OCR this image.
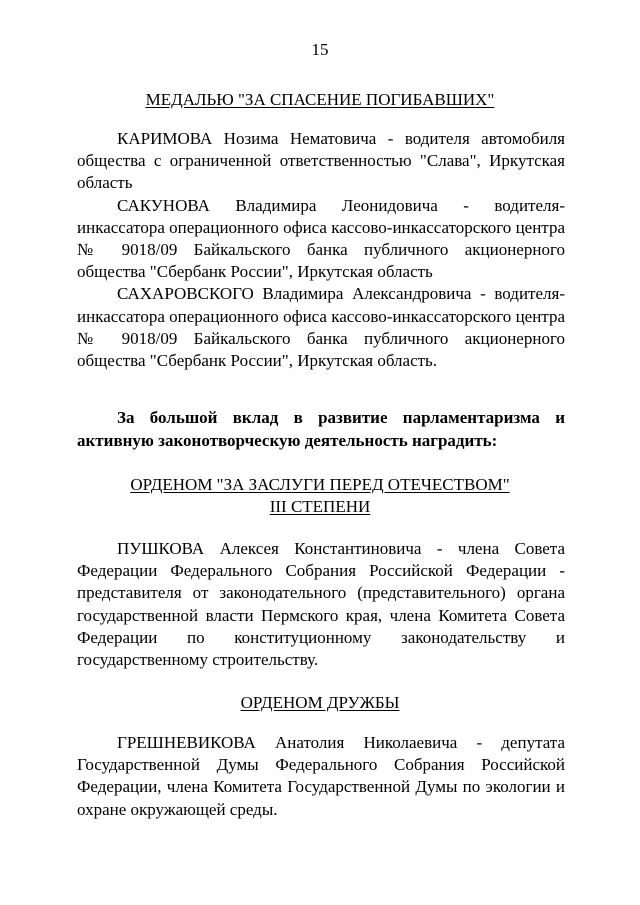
15
МЕДАЛЬЮ "ЗА СПАСЕНИЕ ПОГИБАВШИХ"

КАРИМОВА Нозима Нематовича - водителя автомобиля общества с ограниченной ответственностью "Слава", Иркутская область

САКУНОВА Владимира Леонидовича - водителя-инкассатора операционного офиса кассово-инкассаторского центра № 9018/09 Байкальского банка публичного акционерного общества "Сбербанк России", Иркутская область

САХАРОВСКОГО Владимира Александровича - водителя-инкассатора операционного офиса кассово-инкассаторского центра № 9018/09 Байкальского банка публичного акционерного общества "Сбербанк России", Иркутская область.

За большой вклад в развитие парламентаризма и активную законотворческую деятельность наградить:

ОРДЕНОМ "ЗА ЗАСЛУГИ ПЕРЕД ОТЕЧЕСТВОМ"
III СТЕПЕНИ

ПУШКОВА Алексея Константиновича - члена Совета Федерации Федерального Собрания Российской Федерации - представителя от законодательного (представительного) органа государственной власти Пермского края, члена Комитета Совета Федерации по конституционному законодательству и государственному строительству.

ОРДЕНОМ ДРУЖБЫ

ГРЕШНЕВИКОВА Анатолия Николаевича - депутата Государственной Думы Федерального Собрания Российской Федерации, члена Комитета Государственной Думы по экологии и охране окружающей среды.
